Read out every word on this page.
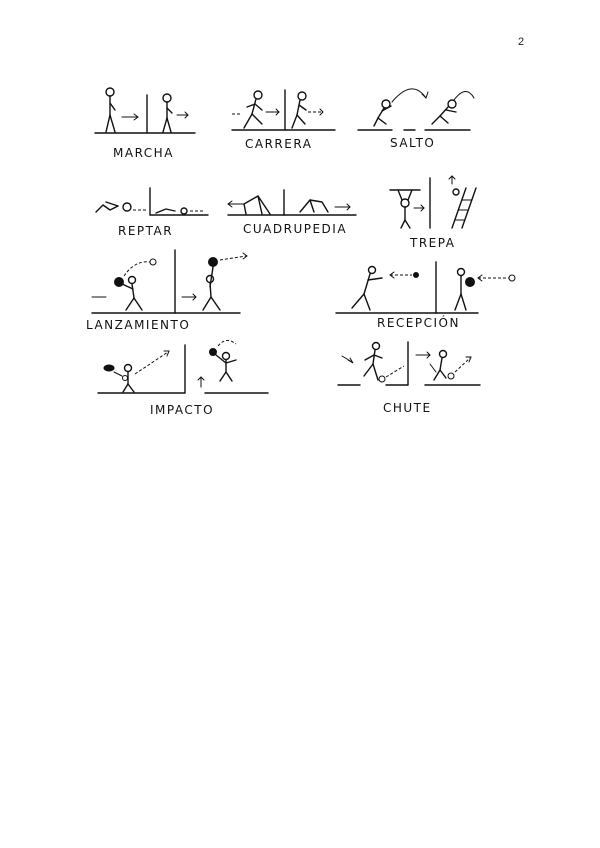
2
MARCHA
CARRERA	SALTO
REPTAR	CUADRUPEDIA
TREPA
LANZAMIENTO	RECEPCIÓN
IMPACTO	CHUTE
